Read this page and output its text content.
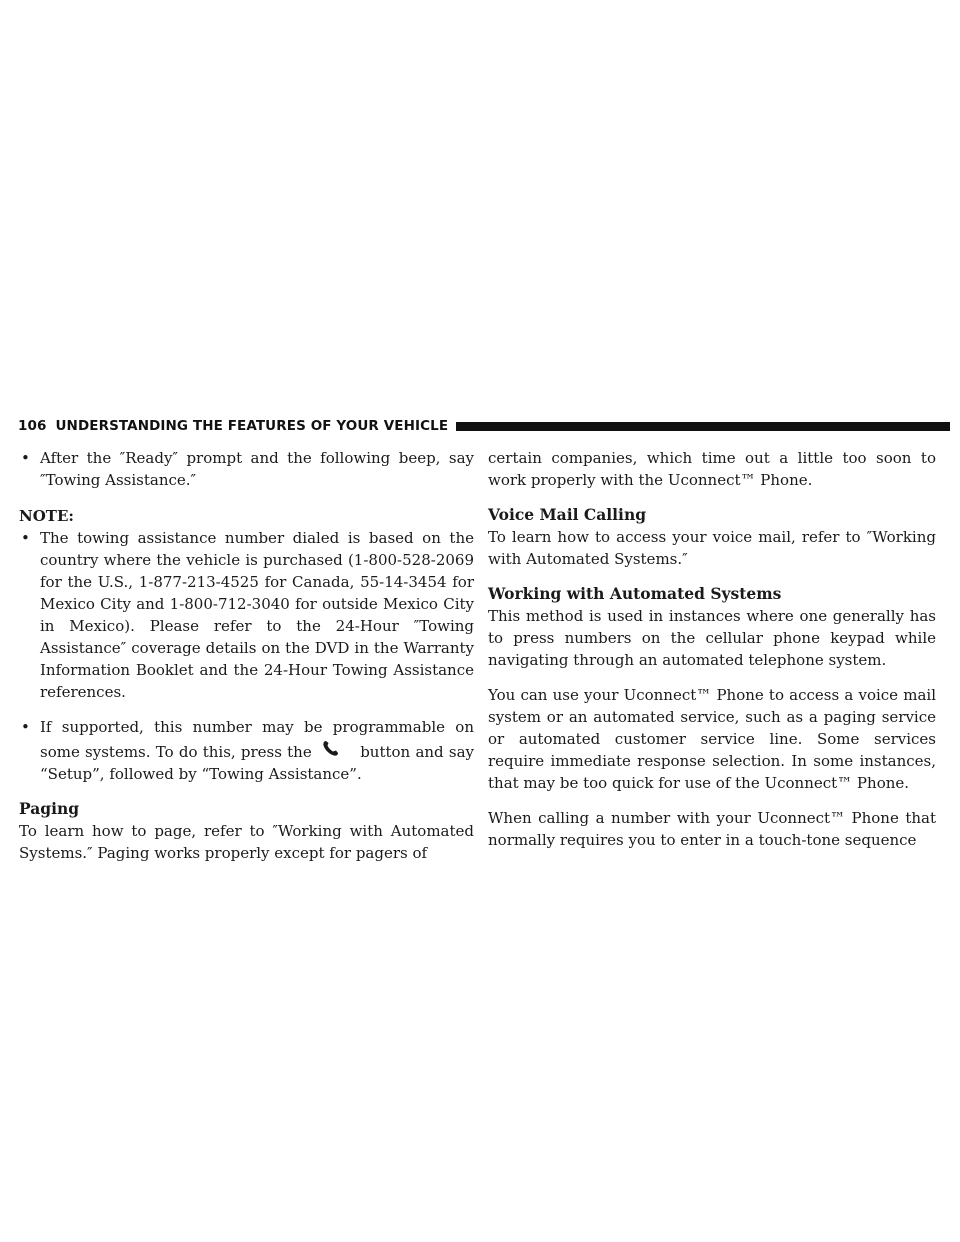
106 UNDERSTANDING THE FEATURES OF YOUR VEHICLE
• After the ″Ready″ prompt and the following beep, say ″Towing Assistance.″
NOTE:
• The towing assistance number dialed is based on the country where the vehicle is purchased (1-800-528-2069 for the U.S., 1-877-213-4525 for Canada, 55-14-3454 for Mexico City and 1-800-712-3040 for outside Mexico City in Mexico). Please refer to the 24-Hour ″Towing Assistance″ coverage details on the DVD in the Warranty Information Booklet and the 24-Hour Towing Assistance references.
• If supported, this number may be programmable on some systems. To do this, press the	button and say “Setup”, followed by “Towing Assistance”.
Paging

To learn how to page, refer to ″Working with Automated Systems.″ Paging works properly except for pagers of

certain companies, which time out a little too soon to work properly with the Uconnect™ Phone.

Voice Mail Calling

To learn how to access your voice mail, refer to ″Working with Automated Systems.″

Working with Automated Systems

This method is used in instances where one generally has to press numbers on the cellular phone keypad while navigating through an automated telephone system.

You can use your Uconnect™ Phone to access a voice mail system or an automated service, such as a paging service or automated customer service line. Some services require immediate response selection. In some instances, that may be too quick for use of the Uconnect™ Phone.

When calling a number with your Uconnect™ Phone that normally requires you to enter in a touch-tone sequence
